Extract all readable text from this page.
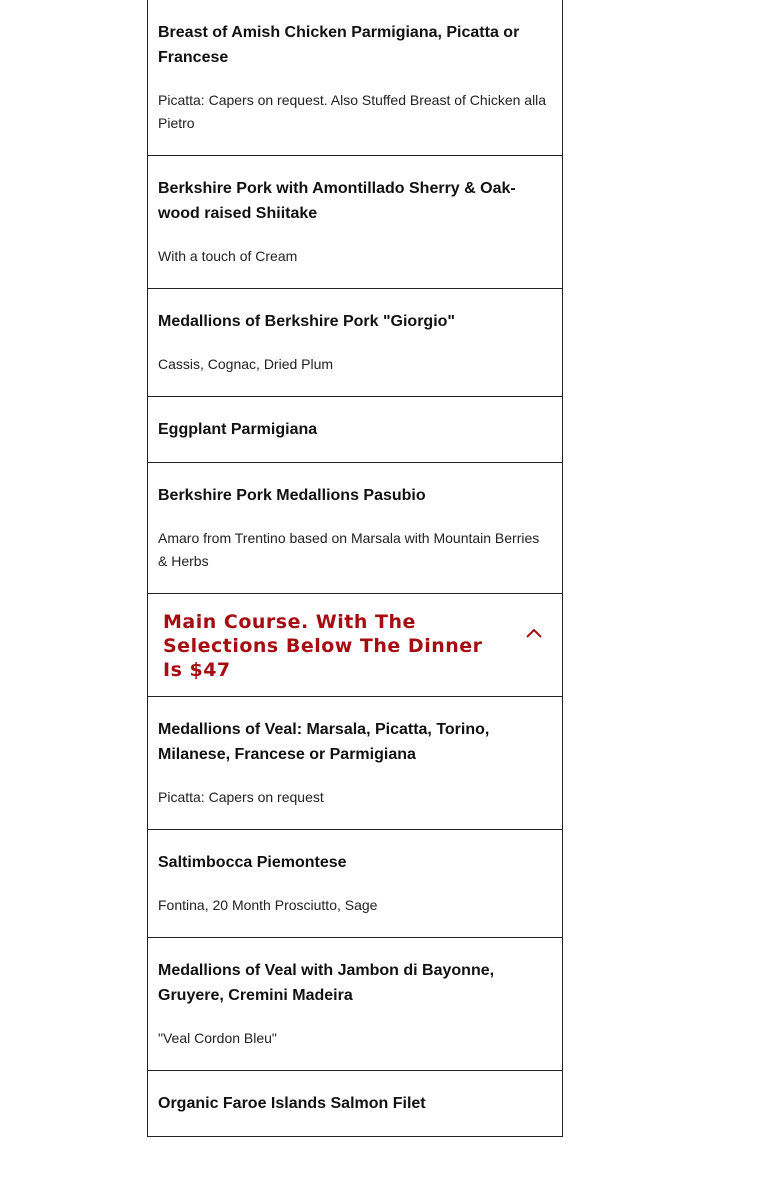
Breast of Amish Chicken Parmigiana, Picatta or Francese

Picatta: Capers on request. Also Stuffed Breast of Chicken alla Pietro

Berkshire Pork with Amontillado Sherry & Oak-wood raised Shiitake

With a touch of Cream

Medallions of Berkshire Pork "Giorgio"

Cassis, Cognac, Dried Plum

Eggplant Parmigiana

Berkshire Pork Medallions Pasubio

Amaro from Trentino based on Marsala with Mountain Berries & Herbs

Main Course. With The Selections Below The Dinner Is $47

Medallions of Veal: Marsala, Picatta, Torino, Milanese, Francese or Parmigiana

Picatta: Capers on request

Saltimbocca Piemontese

Fontina, 20 Month Prosciutto, Sage

Medallions of Veal with Jambon di Bayonne, Gruyere, Cremini Madeira

"Veal Cordon Bleu"

Organic Faroe Islands Salmon Filet
